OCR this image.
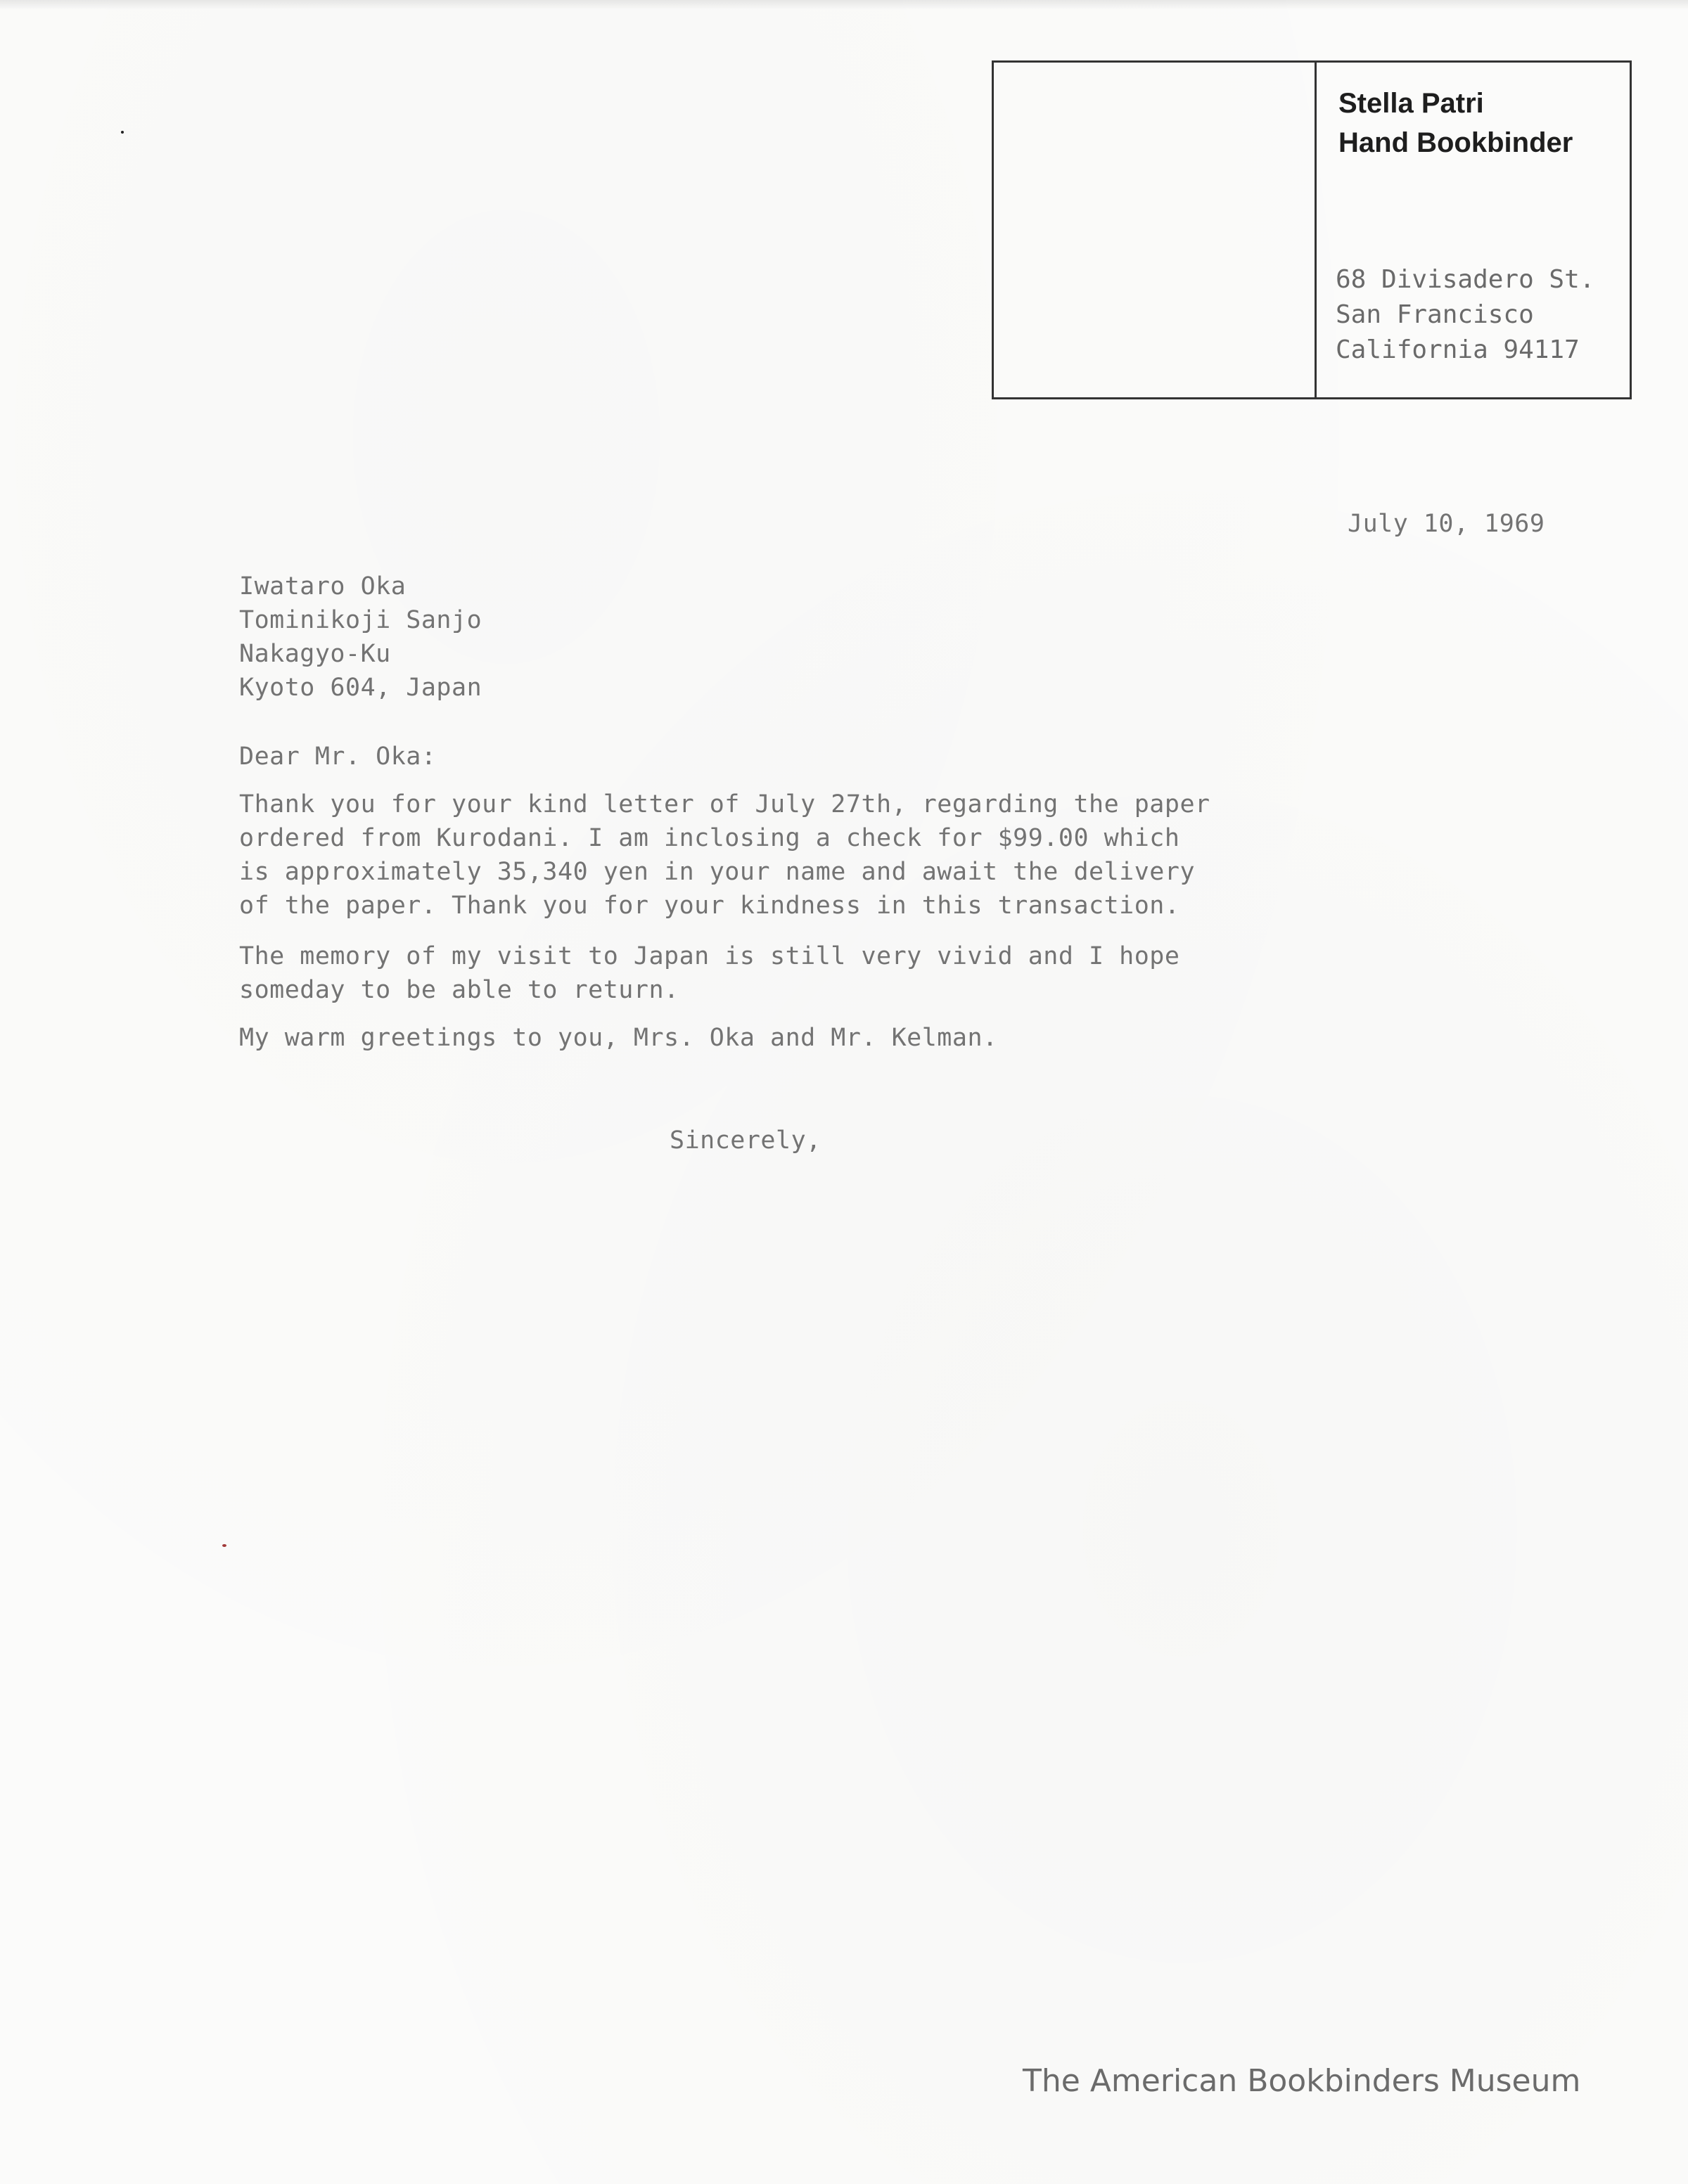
Stella Patri
Hand Bookbinder
68 Divisadero St.
San Francisco
California 94117
July 10, 1969
Iwataro Oka
Tominikoji Sanjo
Nakagyo-Ku
Kyoto 604, Japan
Dear Mr. Oka:
Thank you for your kind letter of July 27th, regarding the paper
ordered from Kurodani. I am inclosing a check for $99.00 which
is approximately 35,340 yen in your name and await the delivery
of the paper. Thank you for your kindness in this transaction.
The memory of my visit to Japan is still very vivid and I hope
someday to be able to return.
My warm greetings to you, Mrs. Oka and Mr. Kelman.
Sincerely,
The American Bookbinders Museum
